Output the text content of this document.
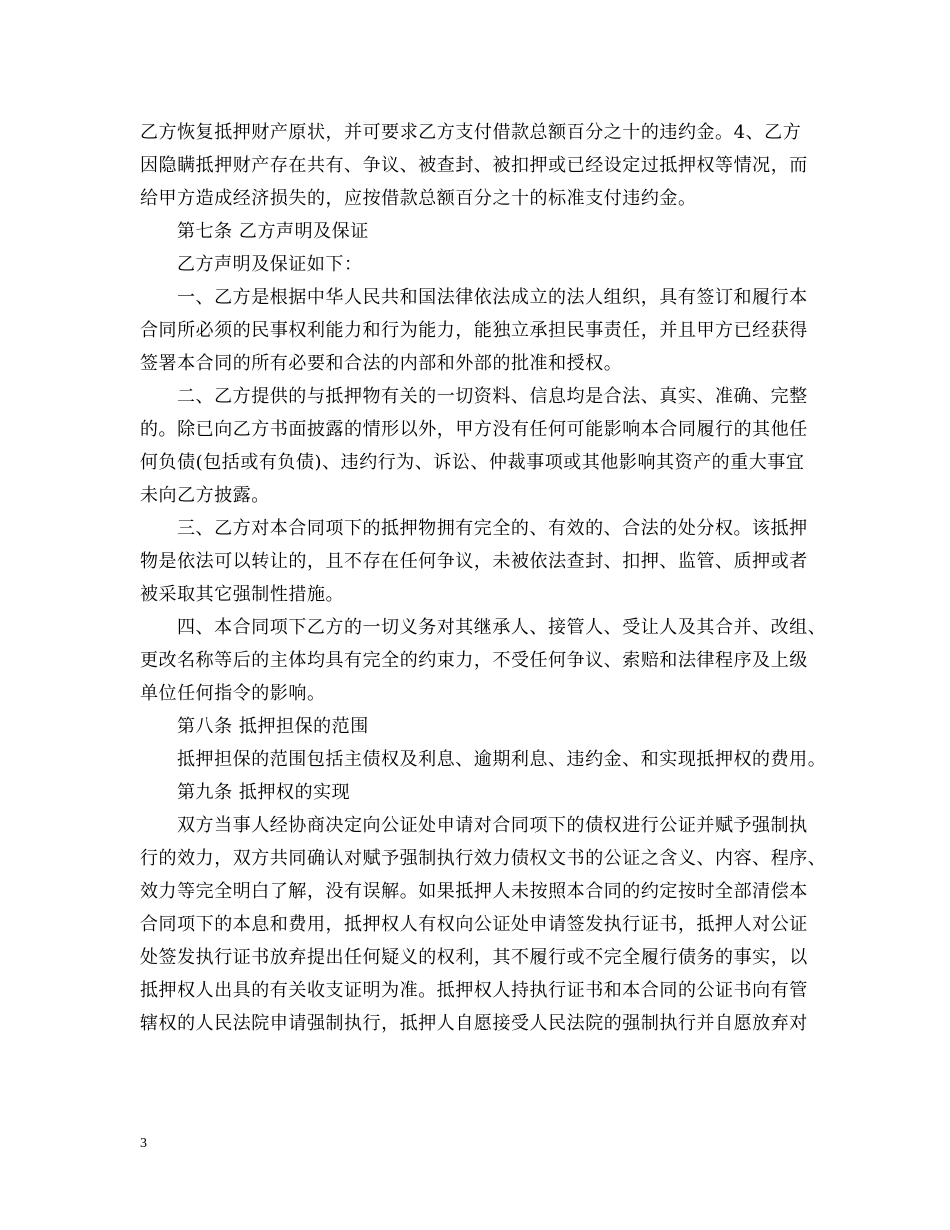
乙方恢复抵押财产原状，并可要求乙方支付借款总额百分之十的违约金。4、乙方
因隐瞒抵押财产存在共有、争议、被查封、被扣押或已经设定过抵押权等情况，而
给甲方造成经济损失的，应按借款总额百分之十的标准支付违约金。
第七条 乙方声明及保证
乙方声明及保证如下：
一、乙方是根据中华人民共和国法律依法成立的法人组织，具有签订和履行本
合同所必须的民事权利能力和行为能力，能独立承担民事责任，并且甲方已经获得
签署本合同的所有必要和合法的内部和外部的批准和授权。
二、乙方提供的与抵押物有关的一切资料、信息均是合法、真实、准确、完整
的。除已向乙方书面披露的情形以外，甲方没有任何可能影响本合同履行的其他任
何负债(包括或有负债)、违约行为、诉讼、仲裁事项或其他影响其资产的重大事宜
未向乙方披露。
三、乙方对本合同项下的抵押物拥有完全的、有效的、合法的处分权。该抵押
物是依法可以转让的，且不存在任何争议，未被依法查封、扣押、监管、质押或者
被采取其它强制性措施。
四、本合同项下乙方的一切义务对其继承人、接管人、受让人及其合并、改组、
更改名称等后的主体均具有完全的约束力，不受任何争议、索赔和法律程序及上级
单位任何指令的影响。
第八条 抵押担保的范围
抵押担保的范围包括主债权及利息、逾期利息、违约金、和实现抵押权的费用。
第九条 抵押权的实现
双方当事人经协商决定向公证处申请对合同项下的债权进行公证并赋予强制执
行的效力，双方共同确认对赋予强制执行效力债权文书的公证之含义、内容、程序、
效力等完全明白了解，没有误解。如果抵押人未按照本合同的约定按时全部清偿本
合同项下的本息和费用，抵押权人有权向公证处申请签发执行证书，抵押人对公证
处签发执行证书放弃提出任何疑义的权利，其不履行或不完全履行债务的事实，以
抵押权人出具的有关收支证明为准。抵押权人持执行证书和本合同的公证书向有管
辖权的人民法院申请强制执行，抵押人自愿接受人民法院的强制执行并自愿放弃对
3
